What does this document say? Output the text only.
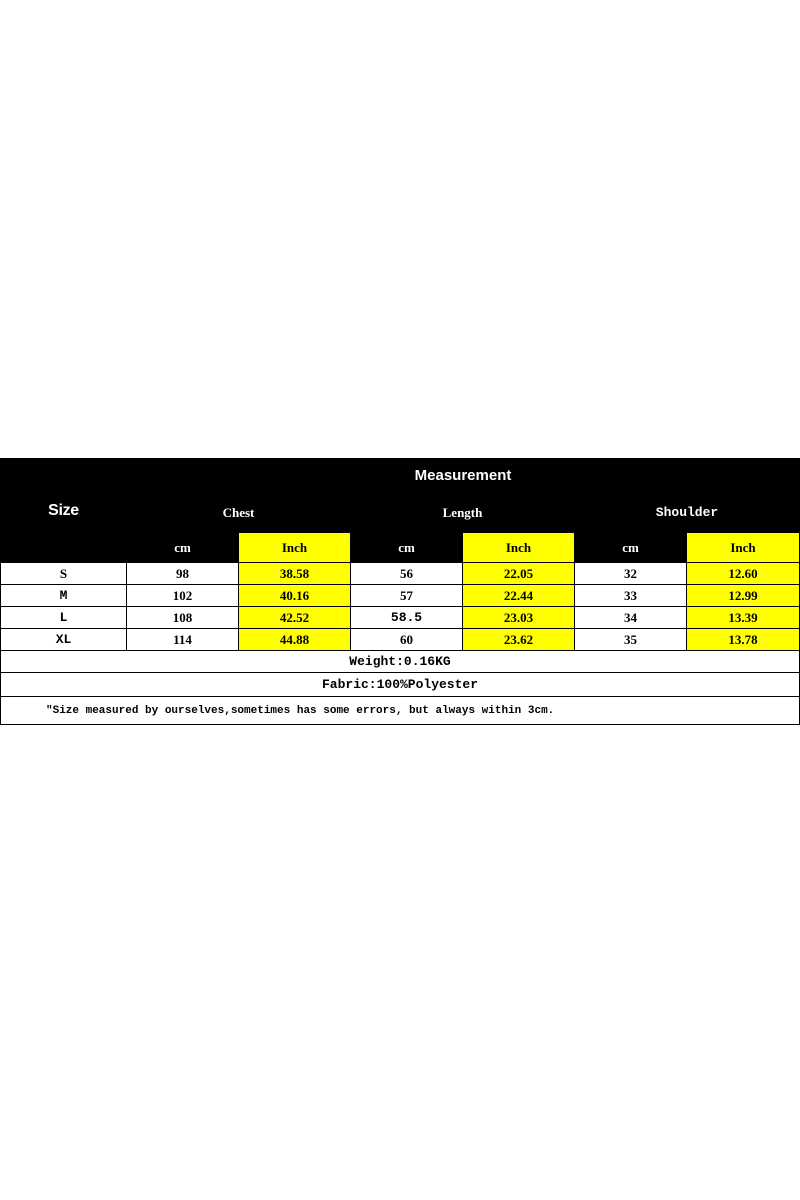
Size	Measurement					
	Chest		Length		Shoulder	
	cm	Inch	cm	Inch	cm	Inch
S	98	38.58	56	22.05	32	12.60
M	102	40.16	57	22.44	33	12.99
L	108	42.52	58.5	23.03	34	13.39
XL	114	44.88	60	23.62	35	13.78
Weight:0.16KG						
Fabric:100%Polyester						
"Size measured by ourselves,sometimes has some errors, but always within 3cm.						
